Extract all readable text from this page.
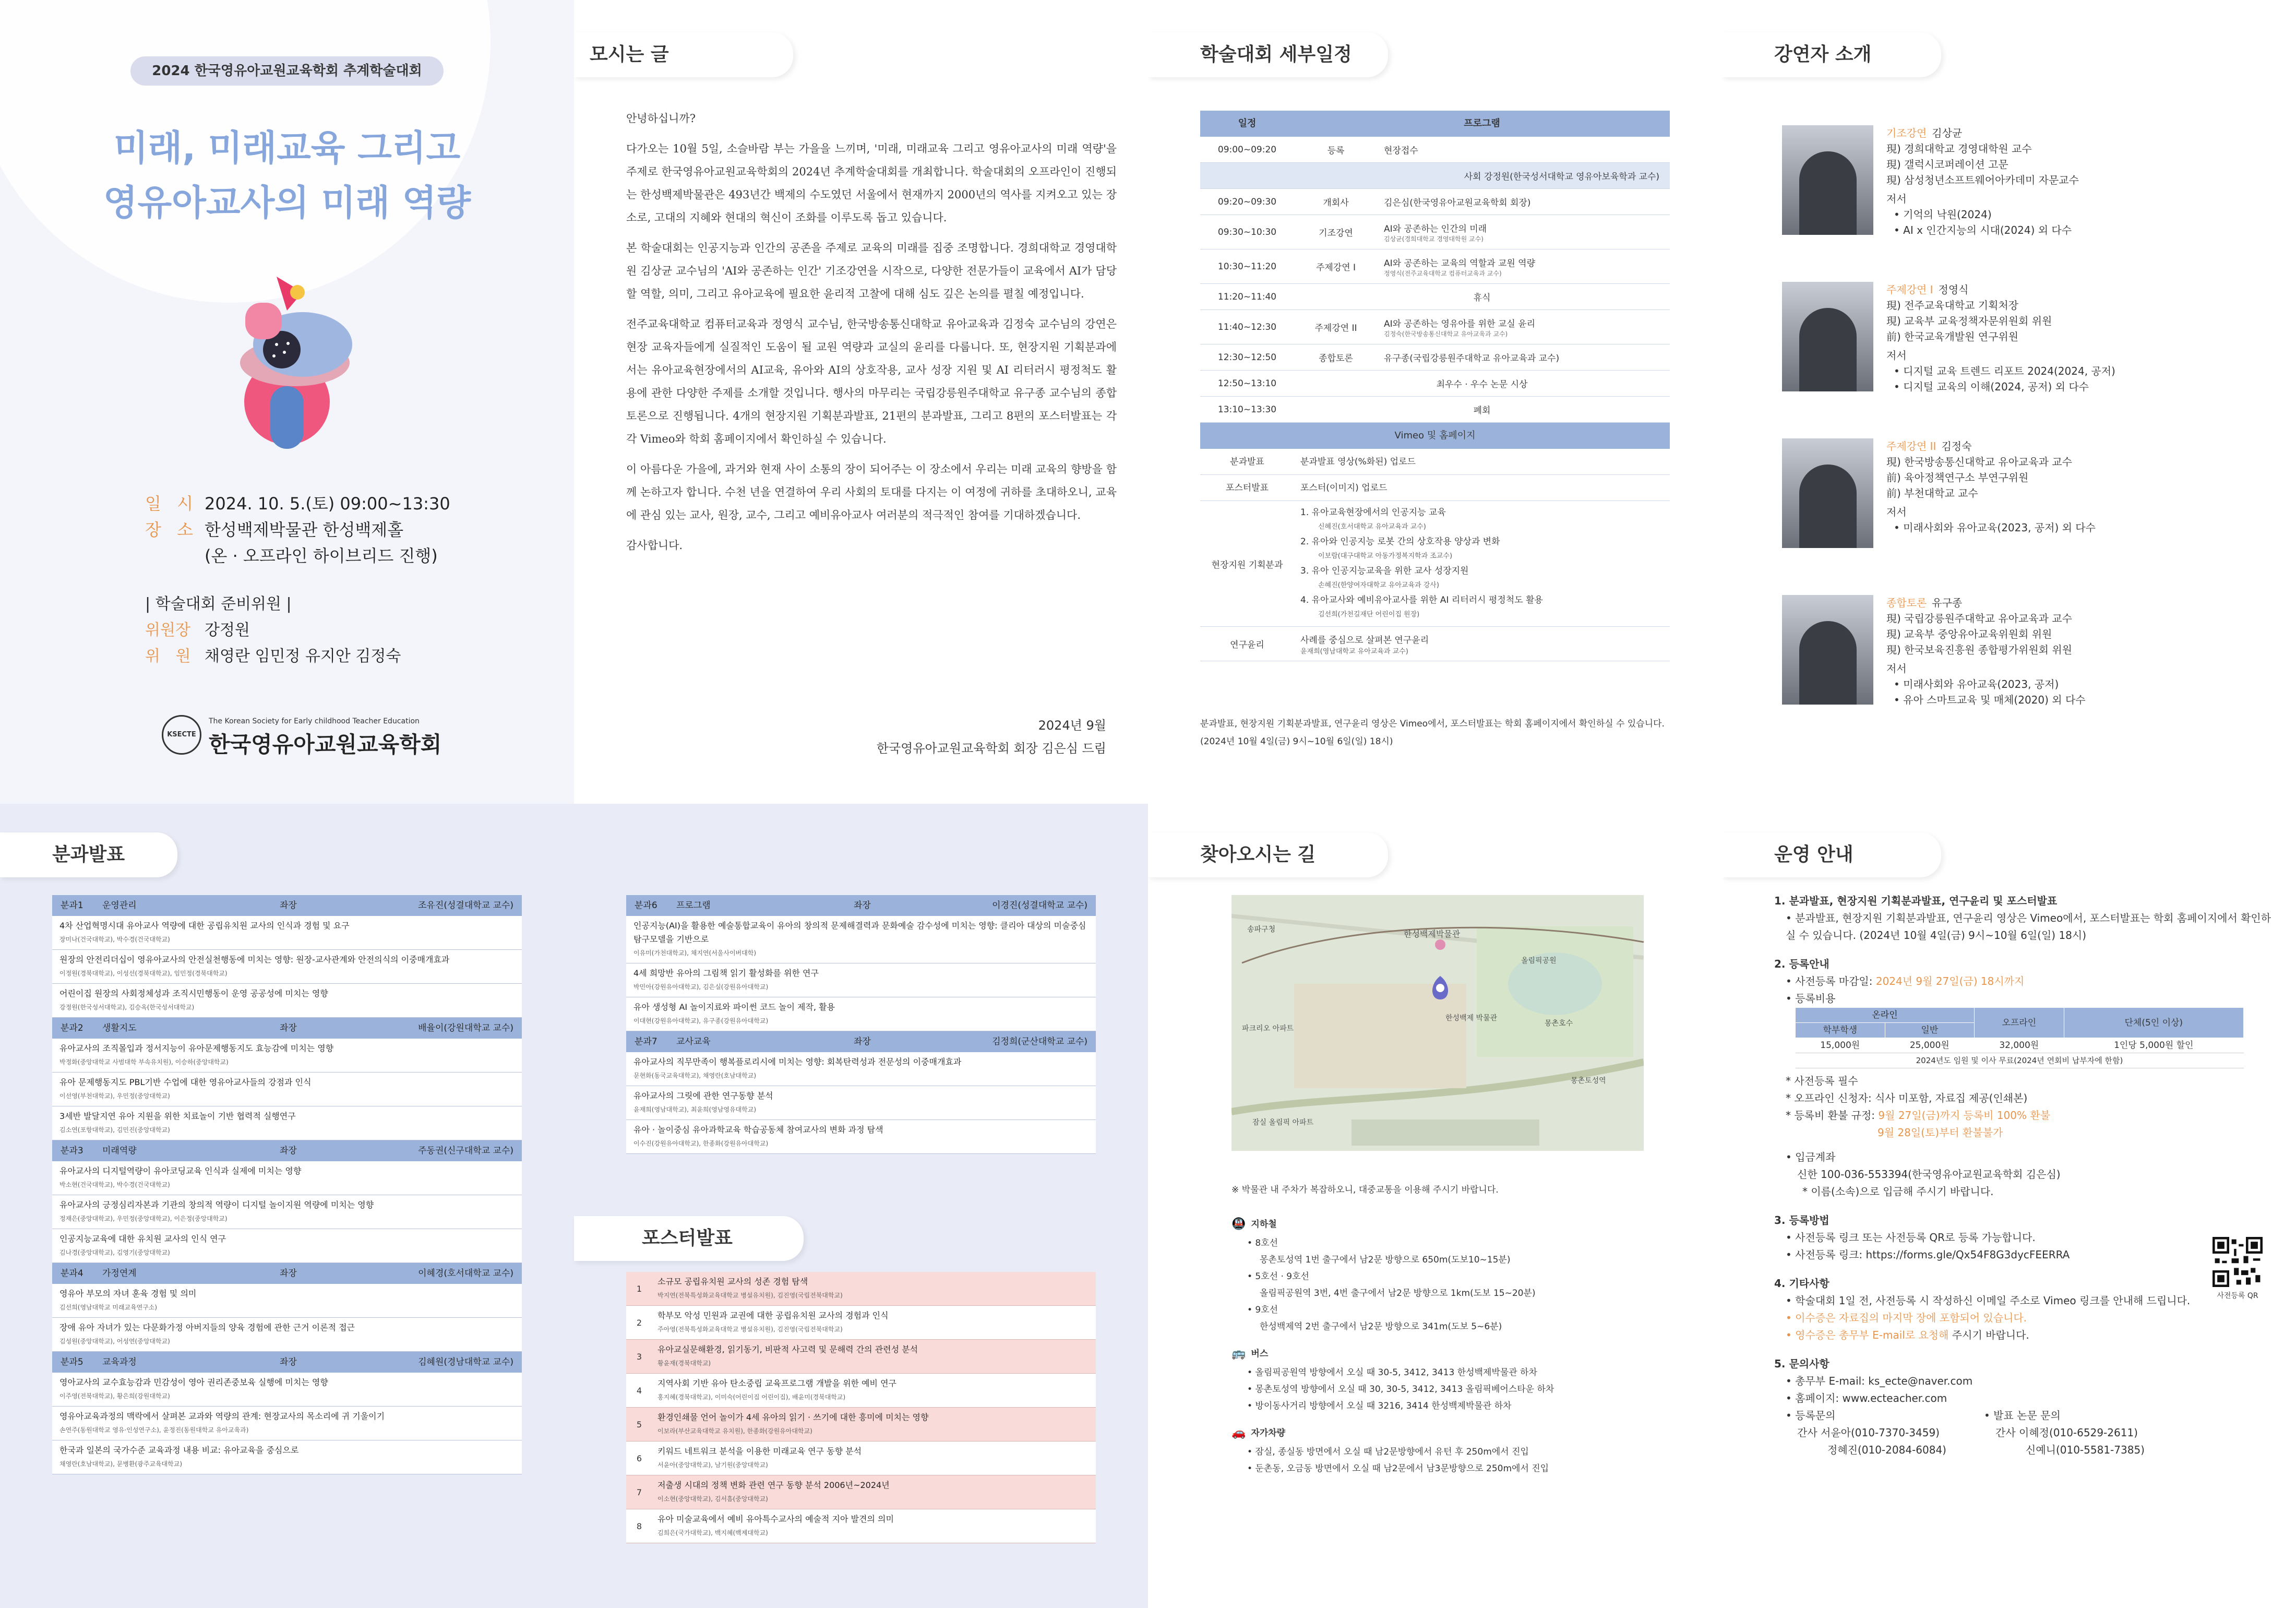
2024 한국영유아교원교육학회 추계학술대회
미래, 미래교육 그리고
영유아교사의 미래 역량
일 시 2024. 10. 5.(토) 09:00~13:30
장 소 한성백제박물관 한성백제홀
(온 · 오프라인 하이브리드 진행)
| 학술대회 준비위원 |
위원장 강정원
위 원 채영란 임민정 유지안 김정숙
KSECTE
The Korean Society for Early childhood Teacher Education
한국영유아교원교육학회
모시는 글

안녕하십니까?

다가오는 10월 5일, 소슬바람 부는 가을을 느끼며, '미래, 미래교육 그리고 영유아교사의 미래 역량'을 주제로 한국영유아교원교육학회의 2024년 추계학술대회를 개최합니다. 학술대회의 오프라인이 진행되는 한성백제박물관은 493년간 백제의 수도였던 서울에서 현재까지 2000년의 역사를 지켜오고 있는 장소로, 고대의 지혜와 현대의 혁신이 조화를 이루도록 돕고 있습니다.

본 학술대회는 인공지능과 인간의 공존을 주제로 교육의 미래를 집중 조명합니다. 경희대학교 경영대학원 김상균 교수님의 'AI와 공존하는 인간' 기조강연을 시작으로, 다양한 전문가들이 교육에서 AI가 담당할 역할, 의미, 그리고 유아교육에 필요한 윤리적 고찰에 대해 심도 깊은 논의를 펼칠 예정입니다.

전주교육대학교 컴퓨터교육과 정영식 교수님, 한국방송통신대학교 유아교육과 김정숙 교수님의 강연은 현장 교육자들에게 실질적인 도움이 될 교원 역량과 교실의 윤리를 다룹니다. 또, 현장지원 기획분과에서는 유아교육현장에서의 AI교육, 유아와 AI의 상호작용, 교사 성장 지원 및 AI 리터러시 평정척도 활용에 관한 다양한 주제를 소개할 것입니다. 행사의 마무리는 국립강릉원주대학교 유구종 교수님의 종합토론으로 진행됩니다. 4개의 현장지원 기획분과발표, 21편의 분과발표, 그리고 8편의 포스터발표는 각각 Vimeo와 학회 홈페이지에서 확인하실 수 있습니다.

이 아름다운 가을에, 과거와 현재 사이 소통의 장이 되어주는 이 장소에서 우리는 미래 교육의 향방을 함께 논하고자 합니다. 수천 년을 연결하여 우리 사회의 토대를 다지는 이 여정에 귀하를 초대하오니, 교육에 관심 있는 교사, 원장, 교수, 그리고 예비유아교사 여러분의 적극적인 참여를 기대하겠습니다.

감사합니다.

2024년 9월
한국영유아교원교육학회 회장 김은심 드림
학술대회 세부일정
일정	프로그램
09:00~09:20	등록	현장접수
사회 강정원(한국성서대학교 영유아보육학과 교수)
09:20~09:30	개회사	김은심(한국영유아교원교육학회 회장)
09:30~10:30	기조강연	AI와 공존하는 인간의 미래
김상균(경희대학교 경영대학원 교수)
10:30~11:20	주제강연 I	AI와 공존하는 교육의 역할과 교원 역량
정영식(전주교육대학교 컴퓨터교육과 교수)
11:20~11:40	휴식
11:40~12:30	주제강연 II	AI와 공존하는 영유아를 위한 교실 윤리
김정숙(한국방송통신대학교 유아교육과 교수)
12:30~12:50	종합토론	유구종(국립강릉원주대학교 유아교육과 교수)
12:50~13:10	최우수 · 우수 논문 시상
13:10~13:30	폐회
Vimeo 및 홈페이지
분과발표	분과발표 영상(%화된) 업로드
포스터발표	포스터(이미지) 업로드
현장지원 기획분과
1. 유아교육현장에서의 인공지능 교육
신혜진(호서대학교 유아교육과 교수)
2. 유아와 인공지능 로봇 간의 상호작용 양상과 변화
이보람(대구대학교 아동가정복지학과 조교수)
3. 유아 인공지능교육을 위한 교사 성장지원
손혜진(한양여자대학교 유아교육과 강사)
4. 유아교사와 예비유아교사를 위한 AI 리터러시 평정척도 활용
김선희(가천길재단 어린이집 원장)
연구윤리	사례를 중심으로 살펴본 연구윤리
윤재희(영남대학교 유아교육과 교수)
분과발표, 현장지원 기획분과발표, 연구윤리 영상은 Vimeo에서, 포스터발표는 학회 홈페이지에서 확인하실 수 있습니다. (2024년 10월 4일(금) 9시~10월 6일(일) 18시)
강연자 소개
기조강연 김상균
現) 경희대학교 경영대학원 교수
現) 갤럭시코퍼레이션 고문
現) 삼성청년소프트웨어아카데미 자문교수
저서
• 기억의 낙원(2024)
• AI x 인간지능의 시대(2024) 외 다수
주제강연 I 정영식
現) 전주교육대학교 기획처장
現) 교육부 교육정책자문위원회 위원
前) 한국교육개발원 연구위원
저서
• 디지털 교육 트렌드 리포트 2024(2024, 공저)
• 디지털 교육의 이해(2024, 공저) 외 다수
주제강연 II 김정숙
現) 한국방송통신대학교 유아교육과 교수
前) 육아정책연구소 부연구위원
前) 부천대학교 교수
저서
• 미래사회와 유아교육(2023, 공저) 외 다수
종합토론 유구종
現) 국립강릉원주대학교 유아교육과 교수
現) 교육부 중앙유아교육위원회 위원
現) 한국보육진흥원 종합평가위원회 위원
저서
• 미래사회와 유아교육(2023, 공저)
• 유아 스마트교육 및 매체(2020) 외 다수
분과발표
분과1	운영관리	좌장	조유진(성결대학교 교수)
4차 산업혁명시대 유아교사 역량에 대한 공립유치원 교사의 인식과 경험 및 요구
장미나(건국대학교), 박수경(건국대학교)
원장의 안전리더십이 영유아교사의 안전실천행동에 미치는 영향: 원장-교사관계와 안전의식의 이중매개효과
이정원(경북대학교), 이성선(경북대학교), 임민정(경북대학교)
어린이집 원장의 사회정체성과 조직시민행동이 운영 공공성에 미치는 영향
강정원(한국성서대학교), 김승옥(한국성서대학교)
분과2	생활지도	좌장	배율이(강원대학교 교수)
유아교사의 조직몰입과 정서지능이 유아문제행동지도 효능감에 미치는 영향
박정화(중앙대학교 사범대학 부속유치원), 이승하(중앙대학교)
유아 문제행동지도 PBL기반 수업에 대한 영유아교사들의 강점과 인식
이선영(부천대학교), 우민정(중앙대학교)
3세반 발달지연 유아 지원을 위한 치료놀이 기반 협력적 실행연구
김소연(포항대학교), 김민진(중앙대학교)
분과3	미래역량	좌장	주동권(신구대학교 교수)
유아교사의 디지털역량이 유아코딩교육 인식과 실제에 미치는 영향
박소현(건국대학교), 박수경(건국대학교)
유아교사의 긍정심리자본과 기관의 창의적 역량이 디지털 놀이지원 역량에 미치는 영향
정재은(중앙대학교), 우민정(중앙대학교), 이은정(중앙대학교)
인공지능교육에 대한 유치원 교사의 인식 연구
김나경(중앙대학교), 김영기(중앙대학교)
분과4	가정연계	좌장	이혜경(호서대학교 교수)
영유아 부모의 자녀 훈육 경험 및 의미
김선희(영남대학교 미래교육연구소)
장애 유아 자녀가 있는 다문화가정 아버지들의 양육 경험에 관한 근거 이론적 접근
김성원(중앙대학교), 어성연(중앙대학교)
분과5	교육과정	좌장	김혜원(경남대학교 교수)
영아교사의 교수효능감과 민감성이 영아 권리존중보육 실행에 미치는 영향
이주영(전북대학교), 황은희(강원대학교)
영유아교육과정의 맥락에서 살펴본 교과와 역량의 관계: 현장교사의 목소리에 귀 기울이기
손연주(동원대학교 영유·인성연구소), 윤정진(동원대학교 유아교육과)
한국과 일본의 국가수준 교육과정 내용 비교: 유아교육을 중심으로
채영란(호남대학교), 문병환(광주교육대학교)
분과6	프로그램	좌장	이경진(성결대학교 교수)
인공지능(AI)을 활용한 예술통합교육이 유아의 창의적 문제해결력과 문화예술 감수성에 미치는 영향: 클리아 대상의 미술중심 탐구모델을 기반으로
이유미(가천대학교), 채지연(서울사이버대학)
4세 희망반 유아의 그림책 읽기 활성화를 위한 연구
박민아(강원유아대학교), 김은실(강원유아대학교)
유아 생성형 AI 놀이지료와 파이썬 코드 놀이 제작, 활용
이대현(강원유아대학교), 유구종(강원유아대학교)
분과7	교사교육	좌장	김정희(군산대학교 교수)
유아교사의 직무만족이 행복플로리시에 미치는 영향: 회복탄력성과 전문성의 이중매개효과
문현화(동국교육대학교), 채영란(호남대학교)
유아교사의 그릿에 관한 연구동향 분석
윤재희(영남대학교), 최윤희(영남영유대학교)
유아 · 놀이중심 유아과학교육 학습공동체 참여교사의 변화 과정 탐색
이수진(강원유아대학교), 한종화(강원유아대학교)
포스터발표
1
소규모 공립유치원 교사의 성존 경험 탐색
박지연(전북특성화교육대학교 병설유치원), 김진영(국립전북대학교)
2
학부모 악성 민원과 교권에 대한 공립유치원 교사의 경험과 인식
주아영(전북특성화교육대학교 병설유치원), 김진영(국립전북대학교)
3
유아교실문해환경, 읽기동기, 비판적 사고력 및 문해력 간의 관련성 분석
황윤재(경북대학교)
4
지역사회 기반 유아 탄소중립 교육프로그램 개발을 위한 예비 연구
홍지혜(경북대학교), 이미숙(어린이집 어린이집), 배윤미(경북대학교)
5
환경인쇄물 언어 놀이가 4세 유아의 읽기 · 쓰기에 대한 흥미에 미치는 영향
이보라(부산교육대학교 유치원), 한종화(강원유아대학교)
6
키워드 네트워크 분석을 이용한 미래교육 연구 동향 분석
서윤아(중앙대학교), 남기원(중앙대학교)
7
저출생 시대의 정책 변화 관련 연구 동향 분석 2006년~2024년
이소현(중앙대학교), 김서흠(중앙대학교)
8
유아 미술교육에서 예비 유아특수교사의 예술적 지아 발견의 의미
김희은(국가대학교), 백지혜(백제대학교)
찾아오시는 길
한성백제박물관
한성백제 박물관
올림픽공원
몽촌호수
파크리오 아파트
잠실 올림픽 아파트
몽촌토성역
송파구청
※ 박물관 내 주차가 복잡하오니, 대중교통을 이용해 주시기 바랍니다.
🚇 지하철
• 8호선
몽촌토성역 1번 출구에서 남2문 방향으로 650m(도보10~15분)
• 5호선 · 9호선
올림픽공원역 3번, 4번 출구에서 남2문 방향으로 1km(도보 15~20분)
• 9호선
한성백제역 2번 출구에서 남2문 방향으로 341m(도보 5~6분)
🚌 버스
• 올림픽공원역 방향에서 오실 때 30-5, 3412, 3413 한성백제박물관 하차
• 몽촌토성역 방향에서 오실 때 30, 30-5, 3412, 3413 올림픽베어스타운 하차
• 방이동사거리 방향에서 오실 때 3216, 3414 한성백제박물관 하차
🚗 자가차량
• 잠실, 종실동 방면에서 오실 때 남2문방향에서 유턴 후 250m에서 진입
• 둔촌동, 오금동 방면에서 오실 때 남2문에서 남3문방향으로 250m에서 진입
운영 안내
1. 분과발표, 현장지원 기획분과발표, 연구윤리 및 포스터발표
• 분과발표, 현장지원 기획분과발표, 연구윤리 영상은 Vimeo에서, 포스터발표는 학회 홈페이지에서 확인하실 수 있습니다. (2024년 10월 4일(금) 9시~10월 6일(일) 18시)
2. 등록안내
• 사전등록 마감일: 2024년 9월 27일(금) 18시까지
• 등록비용
온라인		오프라인	단체(5인 이상)
학부학생	일반		
15,000원	25,000원	32,000원	1인당 5,000원 할인
2024년도 임원 및 이사 무료(2024년 연회비 납부자에 한함)			
* 사전등록 필수
* 오프라인 신청자: 식사 미포함, 자료집 제공(인쇄본)
* 등록비 환불 규정: 9월 27일(금)까지 등록비 100% 환불
9월 28일(토)부터 환불불가
• 입금계좌
신한 100-036-553394(한국영유아교원교육학회 김은심)
* 이름(소속)으로 입금해 주시기 바랍니다.
3. 등록방법
• 사전등록 링크 또는 사전등록 QR로 등록 가능합니다.
• 사전등록 링크: https://forms.gle/Qx54F8G3dycFEERRA
4. 기타사항
• 학술대회 1일 전, 사전등록 시 작성하신 이메일 주소로 Vimeo 링크를 안내해 드립니다.
• 이수증은 자료집의 마지막 장에 포함되어 있습니다.
• 영수증은 총무부 E-mail로 요청해 주시기 바랍니다.
5. 문의사항
• 총무부 E-mail: ks_ecte@naver.com
• 홈페이지: www.ecteacher.com
• 등록문의
간사 서윤아(010-7370-3459)
정혜진(010-2084-6084)
• 발표 논문 문의
간사 이혜정(010-6529-2611)
신예니(010-5581-7385)
사전등록 QR
